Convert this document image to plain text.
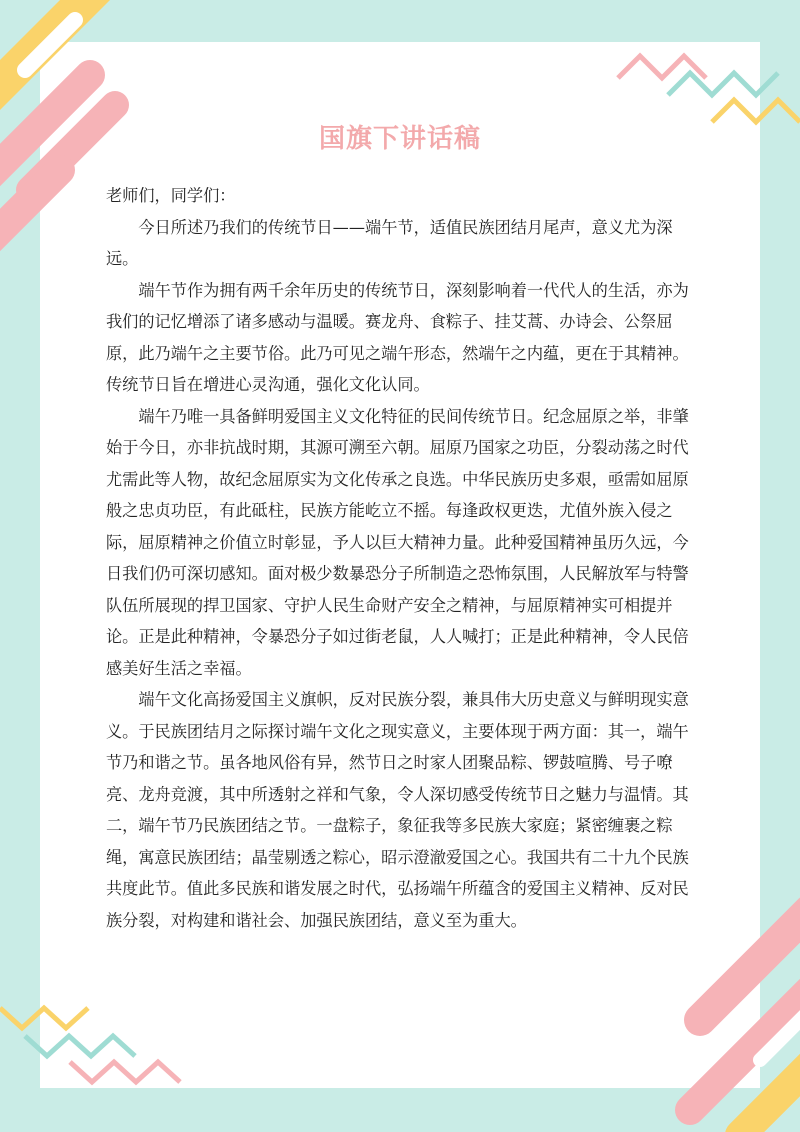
国旗下讲话稿

老师们，同学们：

今日所述乃我们的传统节日——端午节，适值民族团结月尾声，意义尤为深远。

端午节作为拥有两千余年历史的传统节日，深刻影响着一代代人的生活，亦为我们的记忆增添了诸多感动与温暖。赛龙舟、食粽子、挂艾蒿、办诗会、公祭屈原，此乃端午之主要节俗。此乃可见之端午形态，然端午之内蕴，更在于其精神。传统节日旨在增进心灵沟通，强化文化认同。

端午乃唯一具备鲜明爱国主义文化特征的民间传统节日。纪念屈原之举，非肇始于今日，亦非抗战时期，其源可溯至六朝。屈原乃国家之功臣，分裂动荡之时代尤需此等人物，故纪念屈原实为文化传承之良选。中华民族历史多艰，亟需如屈原般之忠贞功臣，有此砥柱，民族方能屹立不摇。每逢政权更迭，尤值外族入侵之际，屈原精神之价值立时彰显，予人以巨大精神力量。此种爱国精神虽历久远，今日我们仍可深切感知。面对极少数暴恐分子所制造之恐怖氛围，人民解放军与特警队伍所展现的捍卫国家、守护人民生命财产安全之精神，与屈原精神实可相提并论。正是此种精神，令暴恐分子如过街老鼠，人人喊打；正是此种精神，令人民倍感美好生活之幸福。

端午文化高扬爱国主义旗帜，反对民族分裂，兼具伟大历史意义与鲜明现实意义。于民族团结月之际探讨端午文化之现实意义，主要体现于两方面：其一，端午节乃和谐之节。虽各地风俗有异，然节日之时家人团聚品粽、锣鼓喧腾、号子嘹亮、龙舟竞渡，其中所透射之祥和气象，令人深切感受传统节日之魅力与温情。其二，端午节乃民族团结之节。一盘粽子，象征我等多民族大家庭；紧密缠裹之粽绳，寓意民族团结；晶莹剔透之粽心，昭示澄澈爱国之心。我国共有二十九个民族共度此节。值此多民族和谐发展之时代，弘扬端午所蕴含的爱国主义精神、反对民族分裂，对构建和谐社会、加强民族团结，意义至为重大。
